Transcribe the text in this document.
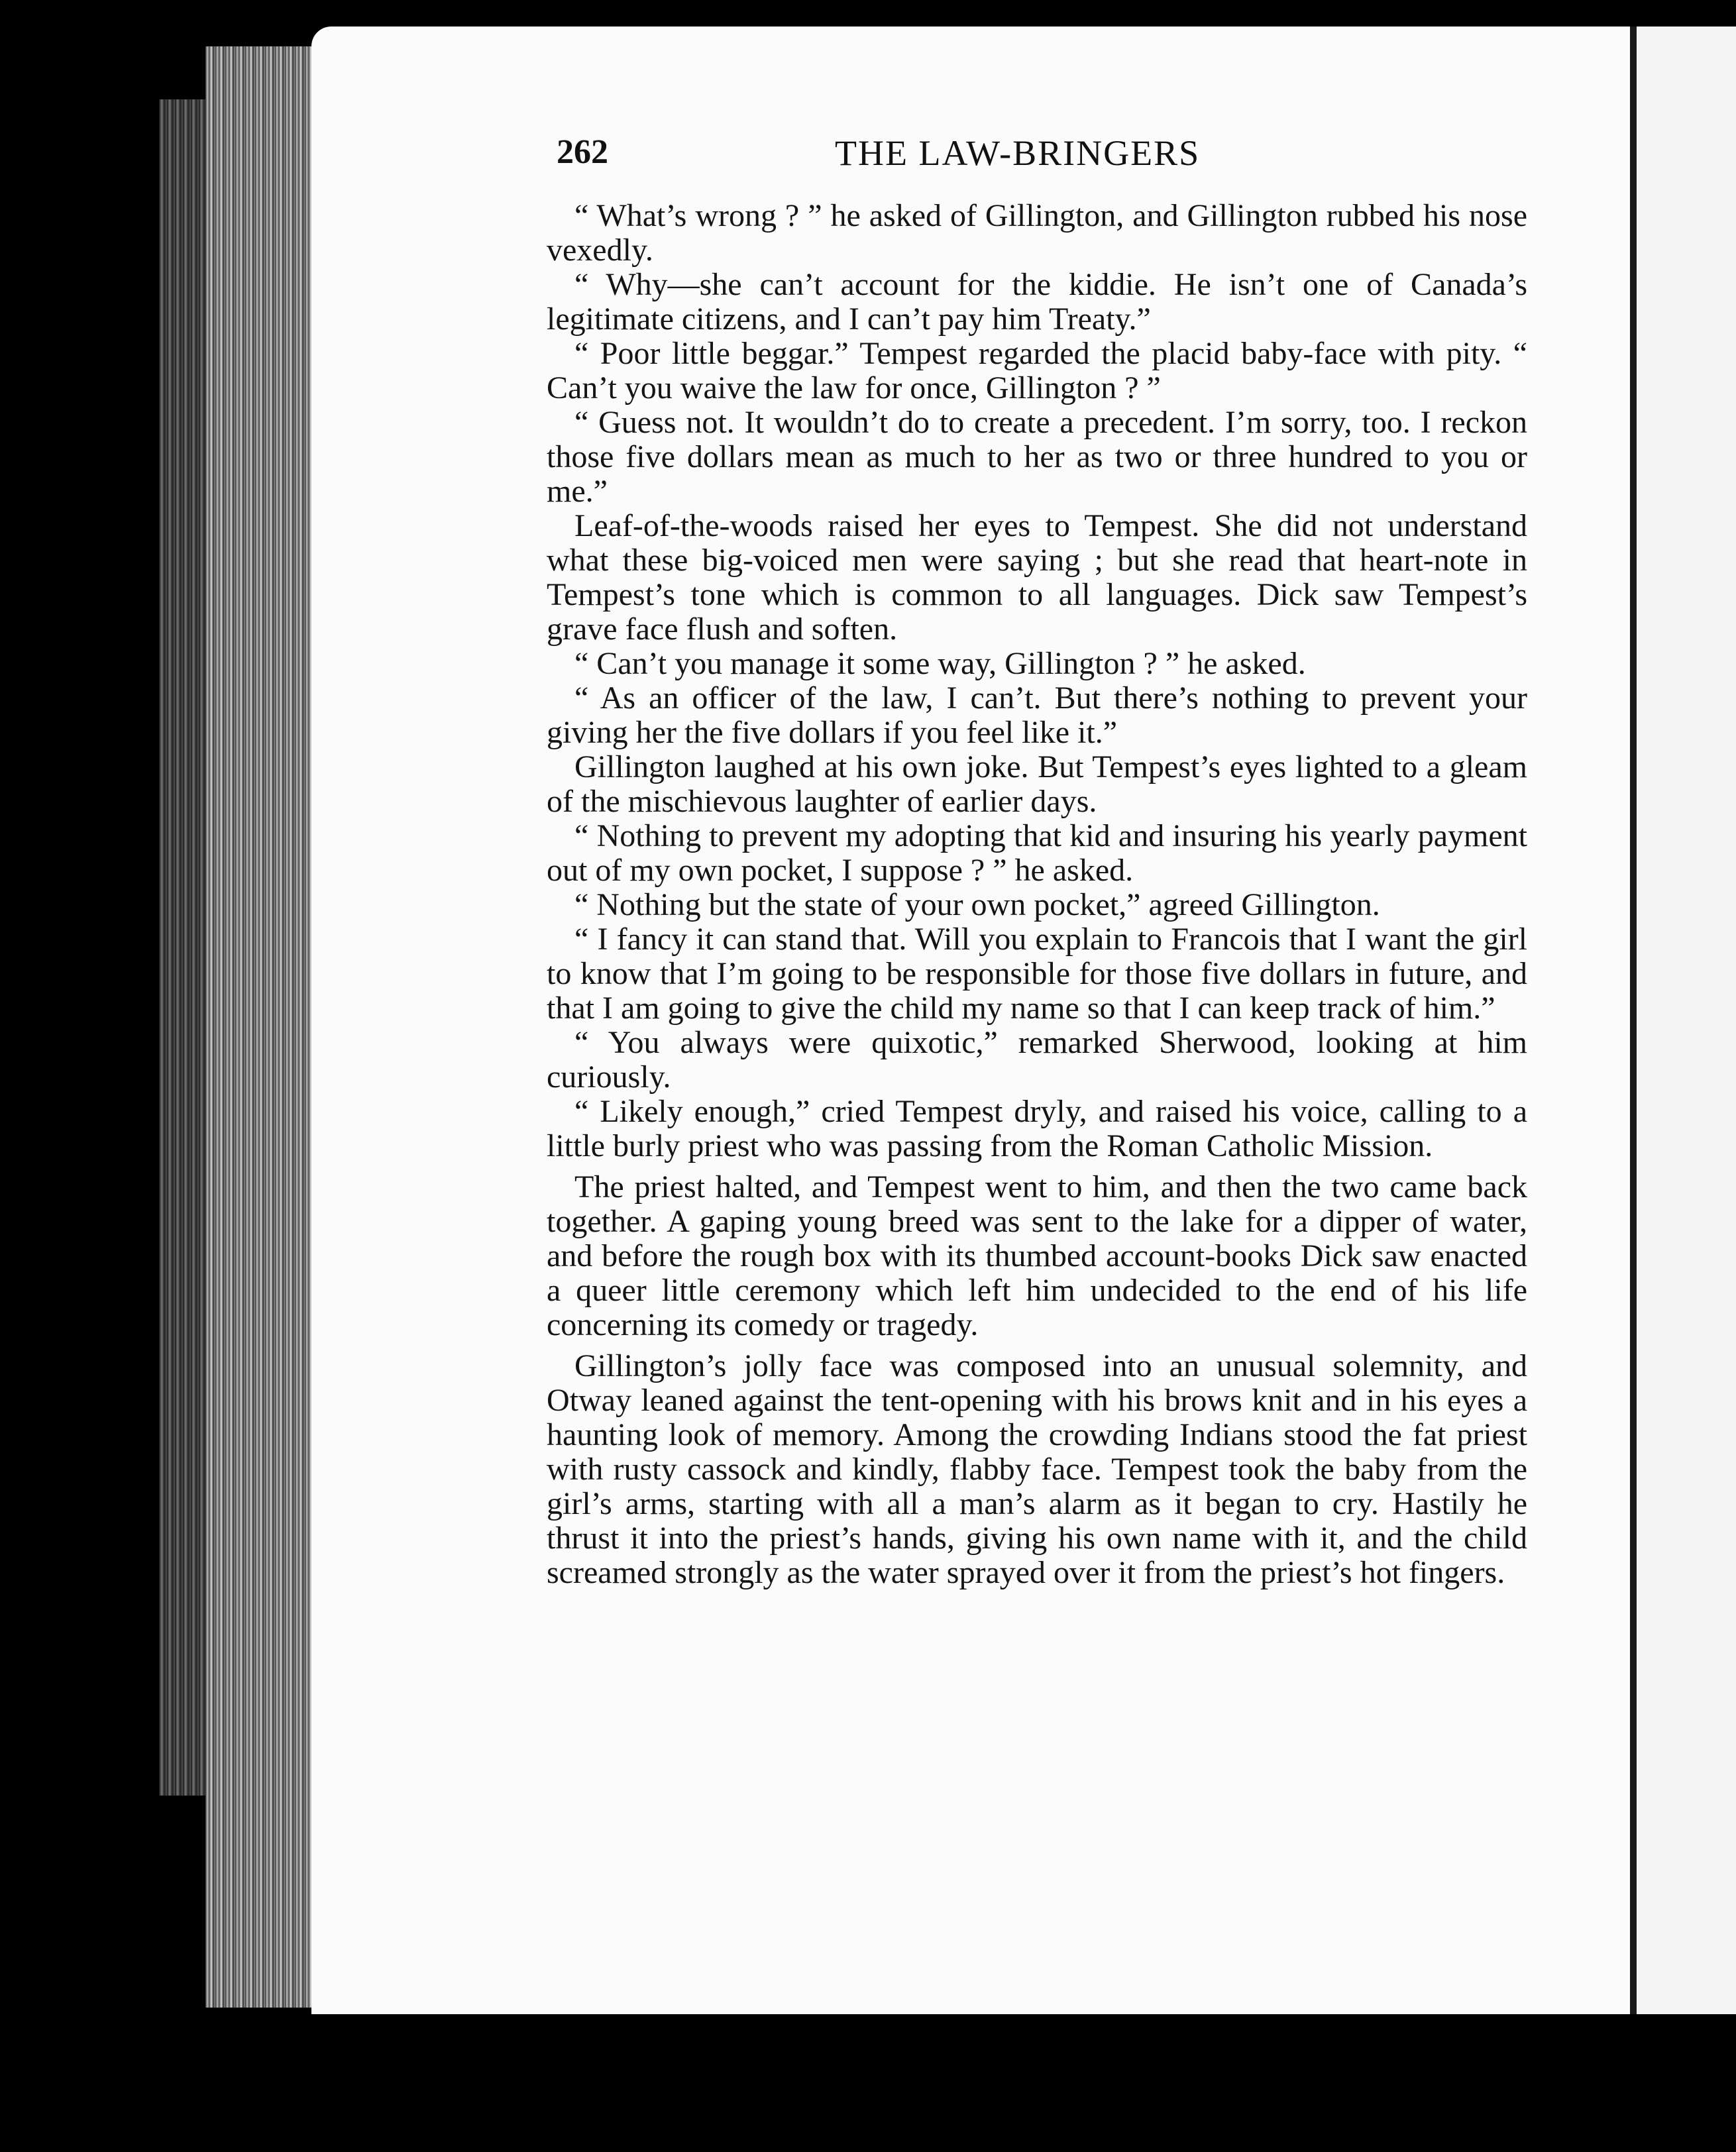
262	THE LAW-BRINGERS

“ What’s wrong ? ” he asked of Gillington, and Gillington rubbed his nose vexedly.

“ Why—she can’t account for the kiddie. He isn’t one of Canada’s legitimate citizens, and I can’t pay him Treaty.”

“ Poor little beggar.” Tempest regarded the placid baby-face with pity. “ Can’t you waive the law for once, Gillington ? ”

“ Guess not. It wouldn’t do to create a precedent. I’m sorry, too. I reckon those five dollars mean as much to her as two or three hundred to you or me.”

Leaf-of-the-woods raised her eyes to Tempest. She did not understand what these big-voiced men were saying ; but she read that heart-note in Tempest’s tone which is common to all languages. Dick saw Tempest’s grave face flush and soften.

“ Can’t you manage it some way, Gillington ? ” he asked.

“ As an officer of the law, I can’t. But there’s nothing to prevent your giving her the five dollars if you feel like it.”

Gillington laughed at his own joke. But Tempest’s eyes lighted to a gleam of the mischievous laughter of earlier days.

“ Nothing to prevent my adopting that kid and insuring his yearly payment out of my own pocket, I suppose ? ” he asked.

“ Nothing but the state of your own pocket,” agreed Gillington.

“ I fancy it can stand that. Will you explain to Francois that I want the girl to know that I’m going to be responsible for those five dollars in future, and that I am going to give the child my name so that I can keep track of him.”

“ You always were quixotic,” remarked Sherwood, looking at him curiously.

“ Likely enough,” cried Tempest dryly, and raised his voice, calling to a little burly priest who was passing from the Roman Catholic Mission.

The priest halted, and Tempest went to him, and then the two came back together. A gaping young breed was sent to the lake for a dipper of water, and before the rough box with its thumbed account-books Dick saw enacted a queer little ceremony which left him undecided to the end of his life concerning its comedy or tragedy.

Gillington’s jolly face was composed into an unusual solemnity, and Otway leaned against the tent-opening with his brows knit and in his eyes a haunting look of memory. Among the crowding Indians stood the fat priest with rusty cassock and kindly, flabby face. Tempest took the baby from the girl’s arms, starting with all a man’s alarm as it began to cry. Hastily he thrust it into the priest’s hands, giving his own name with it, and the child screamed strongly as the water sprayed over it from the priest’s hot fingers.
